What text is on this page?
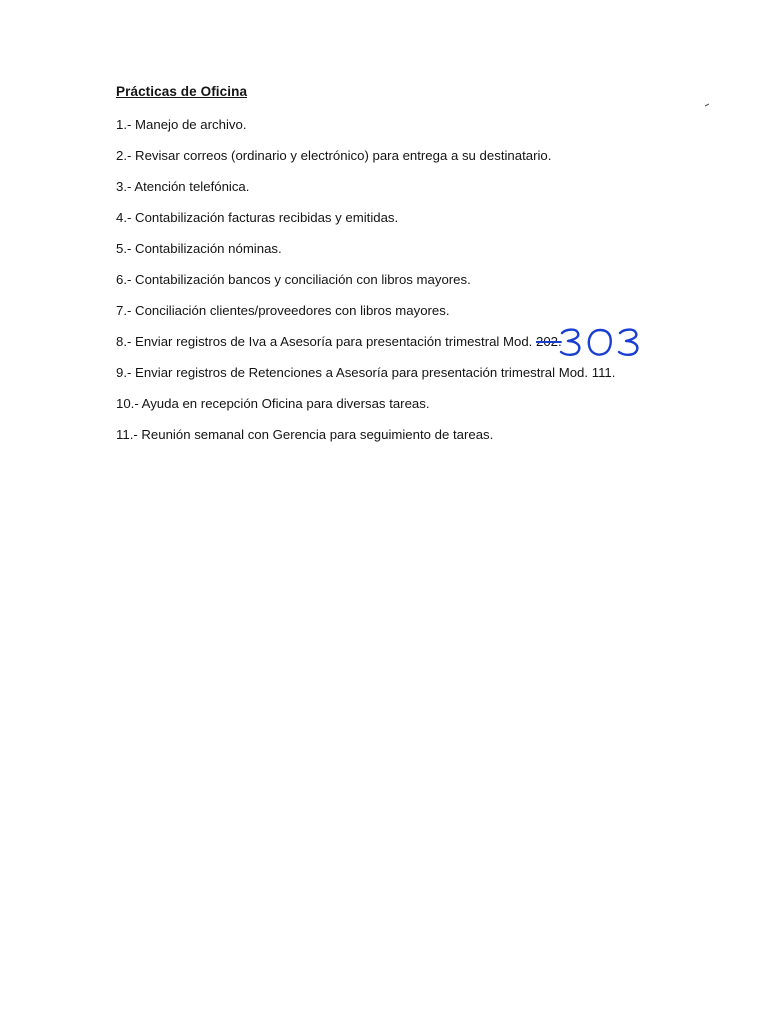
Prácticas de Oficina
1.- Manejo de archivo.
2.- Revisar correos (ordinario y electrónico) para entrega a su destinatario.
3.- Atención telefónica.
4.- Contabilización facturas recibidas y emitidas.
5.- Contabilización nóminas.
6.- Contabilización bancos y conciliación con libros mayores.
7.- Conciliación clientes/proveedores con libros mayores.
8.- Enviar registros de Iva a Asesoría para presentación trimestral Mod. 202.
9.- Enviar registros de Retenciones a Asesoría para presentación trimestral Mod. 111.
10.- Ayuda en recepción Oficina para diversas tareas.
11.- Reunión semanal con Gerencia para seguimiento de tareas.
